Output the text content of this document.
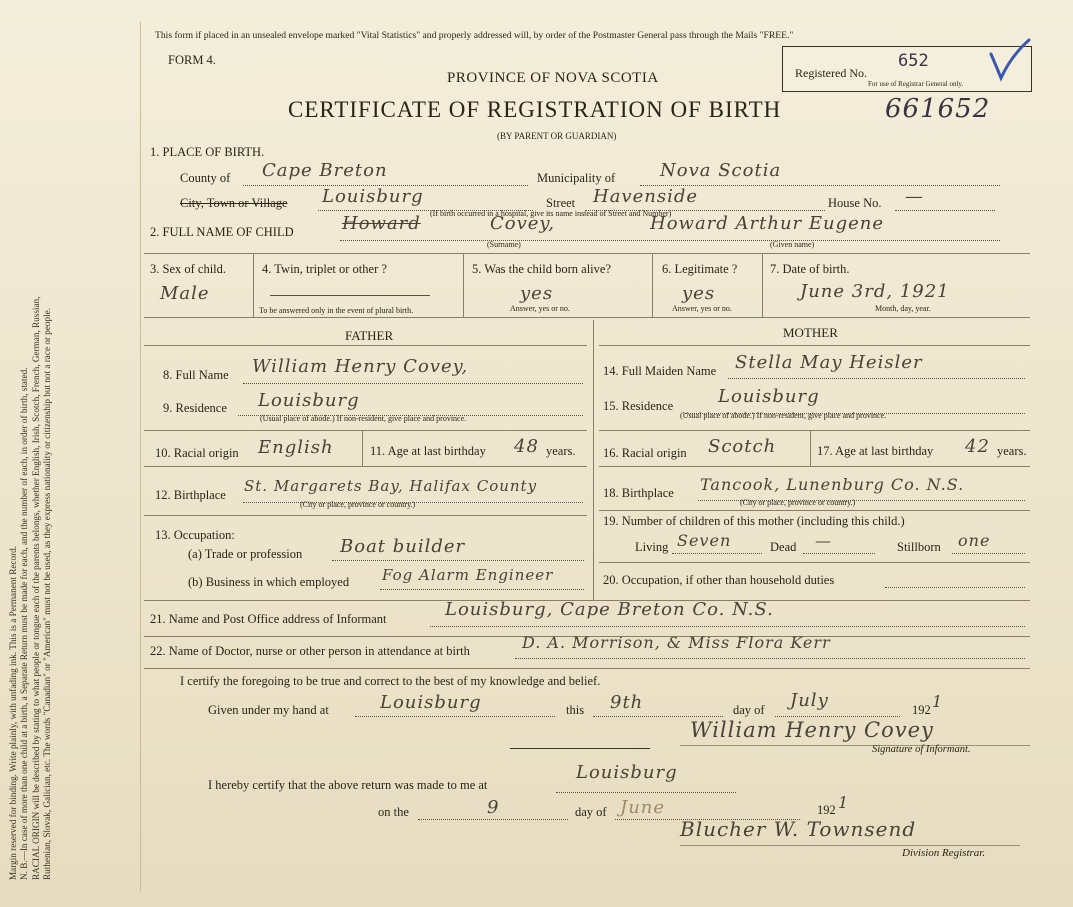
Margin reserved for binding. Write plainly, with unfading ink. This is a Permanent Record. N. B.—In case of more than one child at a birth, a Separate Return must be made for each, and the number of each, in order of birth, stated. RACIAL ORIGIN will be described by stating to what people or tongue each of the parents belongs, whether English, Irish, Scotch, French, German, Russian, Ruthenian, Slovak, Galician, etc. The words "Canadian" or "American" must not be used, as they express nationality or citizenship but not a race or people.
This form if placed in an unsealed envelope marked "Vital Statistics" and properly addressed will, by order of the Postmaster General pass through the Mails "FREE."
FORM 4.
PROVINCE OF NOVA SCOTIA
CERTIFICATE OF REGISTRATION OF BIRTH	661652
(BY PARENT OR GUARDIAN)
Registered No.
652
For use of Registrar General only.
1. PLACE OF BIRTH.
County of Cape Breton	Municipality of Nova Scotia
City, Town or Village Louisburg	Street Havenside	House No. —
(If birth occurred in a hospital, give its name instead of Street and Number)
2. FULL NAME OF CHILD	Howard	Covey,	Howard Arthur Eugene
(Surname)	(Given name)
3. Sex of child.
Male
4. Twin, triplet or other ?
To be answered only in the event of plural birth.
5. Was the child born alive?
yes
Answer, yes or no.
6. Legitimate ?
yes
Answer, yes or no.
7. Date of birth.
June 3rd, 1921
Month, day, year.
FATHER	MOTHER
8. Full Name William Henry Covey,
9. Residence Louisburg
(Usual place of abode.) If non-resident, give place and province.
10. Racial origin English	11. Age at last birthday 48 years.
12. Birthplace St. Margarets Bay, Halifax County
(City or place, province or country.)
13. Occupation:
(a) Trade or profession Boat builder
(b) Business in which employed Fog Alarm Engineer
14. Full Maiden Name Stella May Heisler
15. Residence Louisburg
(Usual place of abode.) If non-resident, give place and province.
16. Racial origin Scotch	17. Age at last birthday 42 years.
18. Birthplace Tancook, Lunenburg Co. N.S.
(City or place, province or country.)
19. Number of children of this mother (including this child.)
Living Seven	Dead —	Stillborn one
20. Occupation, if other than household duties
21. Name and Post Office address of Informant	Louisburg, Cape Breton Co. N.S.
22. Name of Doctor, nurse or other person in attendance at birth	D. A. Morrison, & Miss Flora Kerr
I certify the foregoing to be true and correct to the best of my knowledge and belief.
Given under my hand at	Louisburg	this 9th	day of July	192 1
William Henry Covey
Signature of Informant.
I hereby certify that the above return was made to me at
Louisburg
on the	9	day of June	192 1
Blucher W. Townsend
Division Registrar.
